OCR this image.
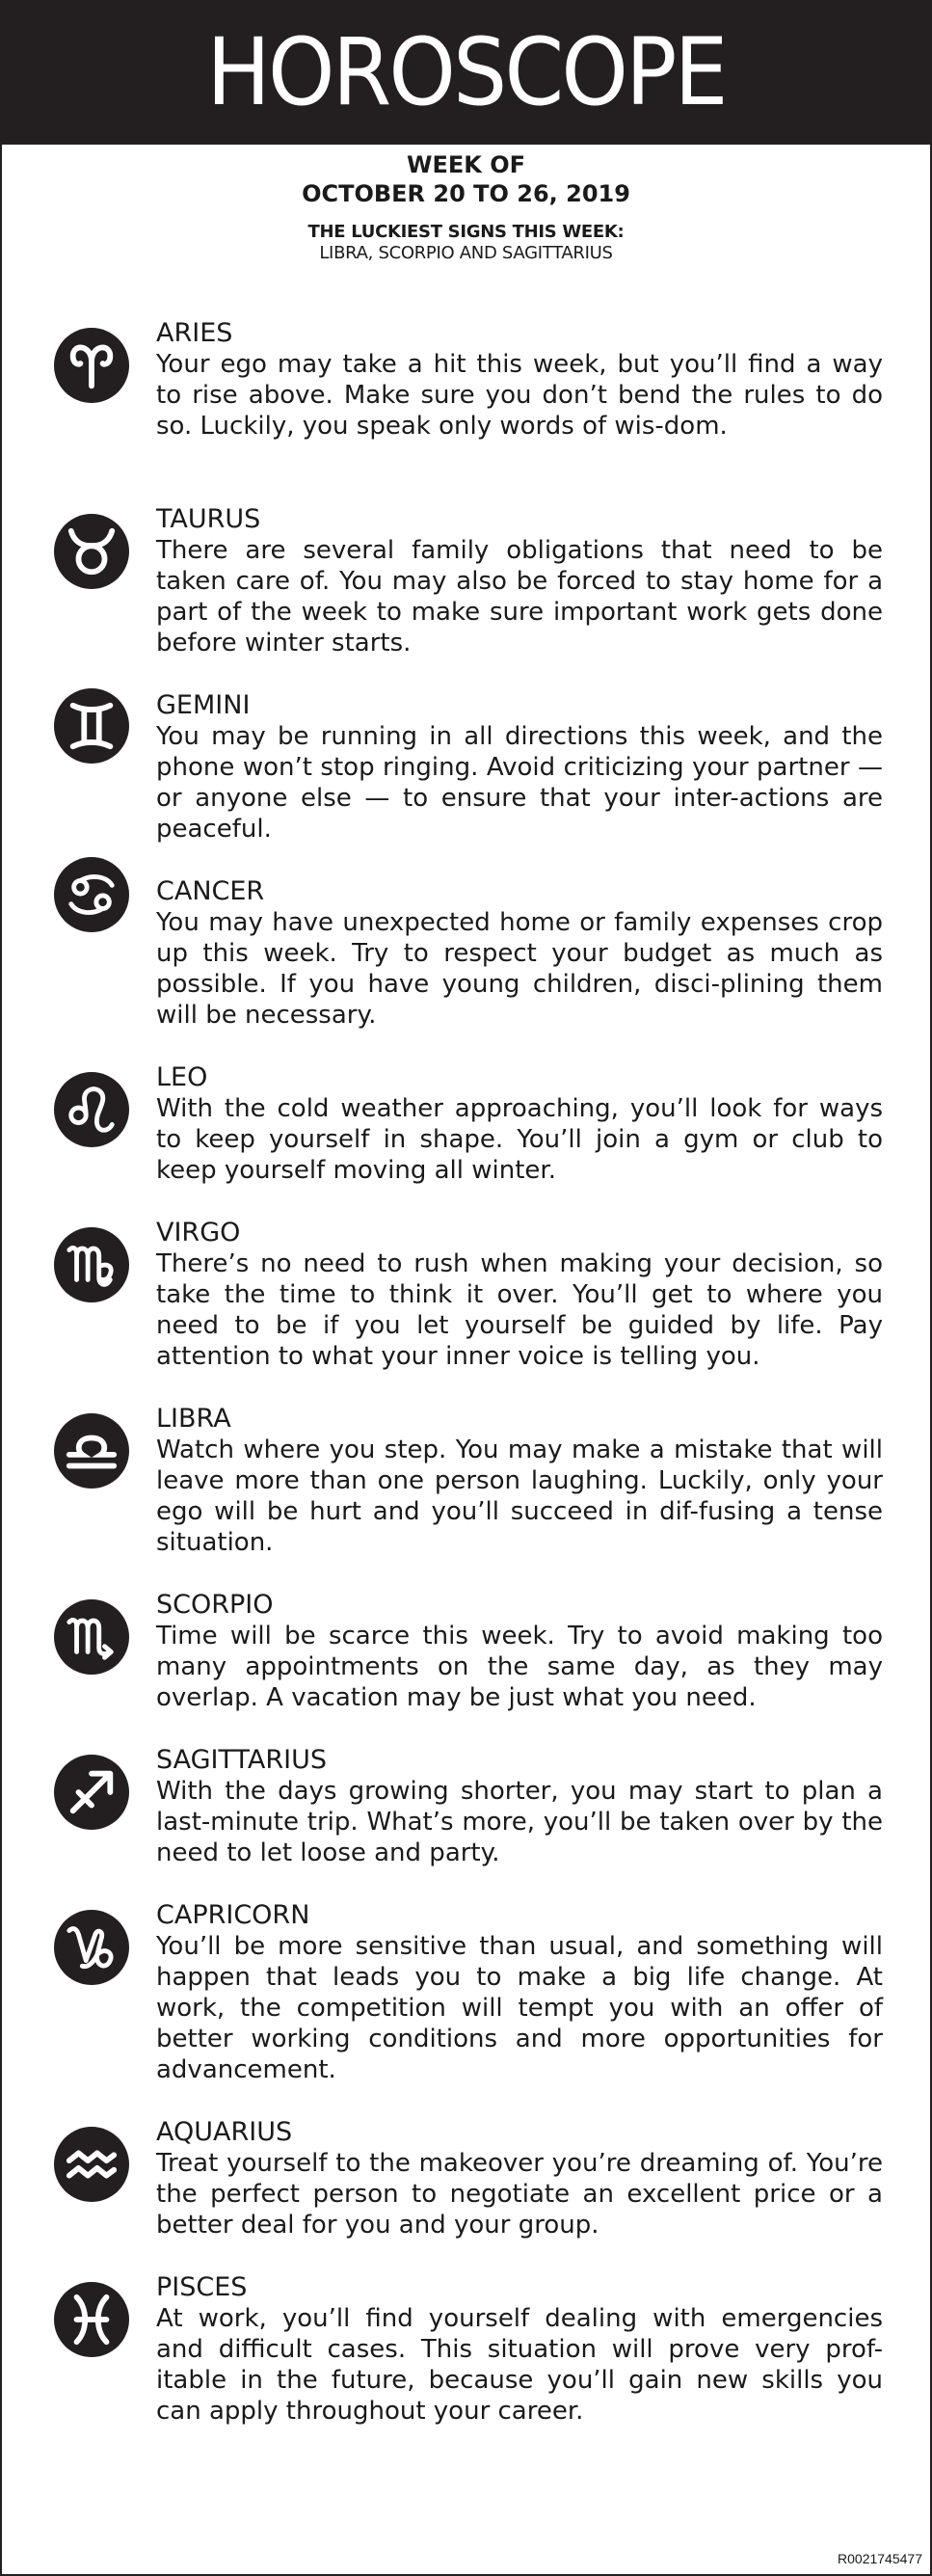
HOROSCOPE
WEEK OF
OCTOBER 20 TO 26, 2019
THE LUCKIEST SIGNS THIS WEEK:
LIBRA, SCORPIO AND SAGITTARIUS
ARIES
Your ego may take a hit this week, but you’ll find a way to rise above. Make sure you don’t bend the rules to do so. Luckily, you speak only words of wis-dom.
TAURUS
There are several family obligations that need to be taken care of. You may also be forced to stay home for a part of the week to make sure important work gets done before winter starts.
GEMINI
You may be running in all directions this week, and the phone won’t stop ringing. Avoid criticizing your partner — or anyone else — to ensure that your inter-actions are peaceful.
CANCER
You may have unexpected home or family expenses crop up this week. Try to respect your budget as much as possible. If you have young children, disci-plining them will be necessary.
LEO
With the cold weather approaching, you’ll look for ways to keep yourself in shape. You’ll join a gym or club to keep yourself moving all winter.
VIRGO
There’s no need to rush when making your decision, so take the time to think it over. You’ll get to where you need to be if you let yourself be guided by life. Pay attention to what your inner voice is telling you.
LIBRA
Watch where you step. You may make a mistake that will leave more than one person laughing. Luckily, only your ego will be hurt and you’ll succeed in dif-fusing a tense situation.
SCORPIO
Time will be scarce this week. Try to avoid making too many appointments on the same day, as they may overlap. A vacation may be just what you need.
SAGITTARIUS
With the days growing shorter, you may start to plan a last-minute trip. What’s more, you’ll be taken over by the need to let loose and party.
CAPRICORN
You’ll be more sensitive than usual, and something will happen that leads you to make a big life change. At work, the competition will tempt you with an offer of better working conditions and more opportunities for advancement.
AQUARIUS
Treat yourself to the makeover you’re dreaming of. You’re the perfect person to negotiate an excellent price or a better deal for you and your group.
PISCES
At work, you’ll find yourself dealing with emergencies and difficult cases. This situation will prove very prof-itable in the future, because you’ll gain new skills you can apply throughout your career.
R0021745477
